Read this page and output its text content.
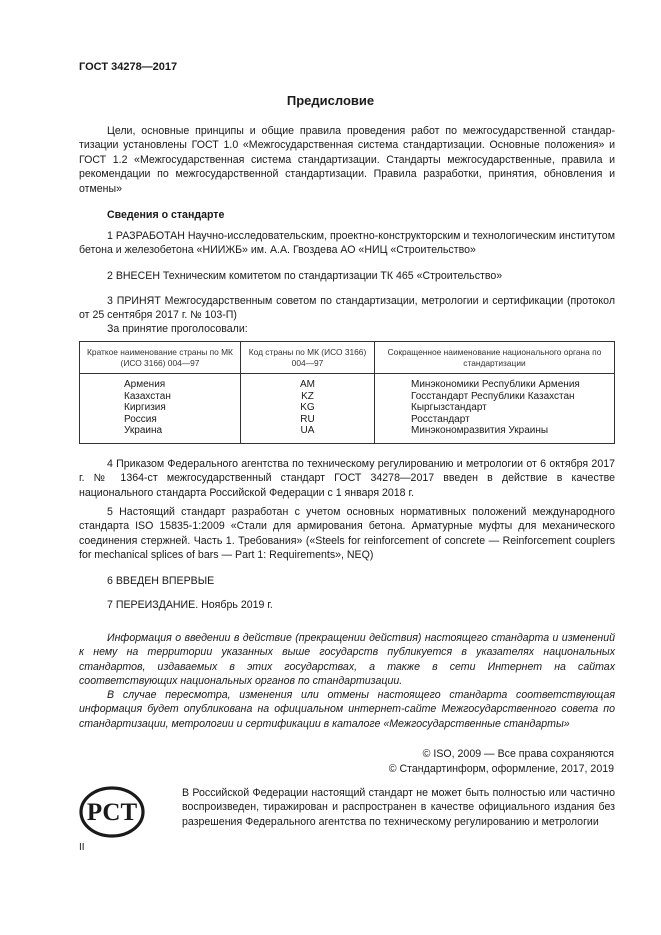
ГОСТ 34278—2017
Предисловие
Цели, основные принципы и общие правила проведения работ по межгосударственной стандар- тизации установлены ГОСТ 1.0 «Межгосударственная система стандартизации. Основные положения» и ГОСТ 1.2 «Межгосударственная система стандартизации. Стандарты межгосударственные, правила и рекомендации по межгосударственной стандартизации. Правила разработки, принятия, обновления и отмены»
Сведения о стандарте
1 РАЗРАБОТАН Научно-исследовательским, проектно-конструкторским и технологическим институтом бетона и железобетона «НИИЖБ» им. А.А. Гвоздева АО «НИЦ «Строительство»
2 ВНЕСЕН Техническим комитетом по стандартизации ТК 465 «Строительство»
3 ПРИНЯТ Межгосударственным советом по стандартизации, метрологии и сертификации (протокол от 25 сентября 2017 г. № 103-П)
За принятие проголосовали:
Краткое наименование страны по МК (ИСО 3166) 004—97	Код страны по МК (ИСО 3166) 004—97	Сокращенное наименование национального органа по стандартизации
Армения	AM	Минэкономики Республики Армения
Казахстан	KZ	Госстандарт Республики Казахстан
Киргизия	KG	Кыргызстандарт
Россия	RU	Росстандарт
Украина	UA	Минэкономразвития Украины
4 Приказом Федерального агентства по техническому регулированию и метрологии от 6 октября 2017 г. № 1364-ст межгосударственный стандарт ГОСТ 34278—2017 введен в действие в качестве национального стандарта Российской Федерации с 1 января 2018 г.
5 Настоящий стандарт разработан с учетом основных нормативных положений международного стандарта ISO 15835-1:2009 «Стали для армирования бетона. Арматурные муфты для механического соединения стержней. Часть 1. Требования» («Steels for reinforcement of concrete — Reinforcement couplers for mechanical splices of bars — Part 1: Requirements», NEQ)
6 ВВЕДЕН ВПЕРВЫЕ
7 ПЕРЕИЗДАНИЕ. Ноябрь 2019 г.
Информация о введении в действие (прекращении действия) настоящего стандарта и изменений к нему на территории указанных выше государств публикуется в указателях национальных стандартов, издаваемых в этих государствах, а также в сети Интернет на сайтах соответствующих национальных органов по стандартизации.
В случае пересмотра, изменения или отмены настоящего стандарта соответствующая информация будет опубликована на официальном интернет-сайте Межгосударственного совета по стандартизации, метрологии и сертификации в каталоге «Межгосударственные стандарты»
© ISO, 2009 — Все права сохраняются
© Стандартинформ, оформление, 2017, 2019
РСТ
В Российской Федерации настоящий стандарт не может быть полностью или частично воспроизведен, тиражирован и распространен в качестве официального издания без разрешения Федерального агентства по техническому регулированию и метрологии
II
